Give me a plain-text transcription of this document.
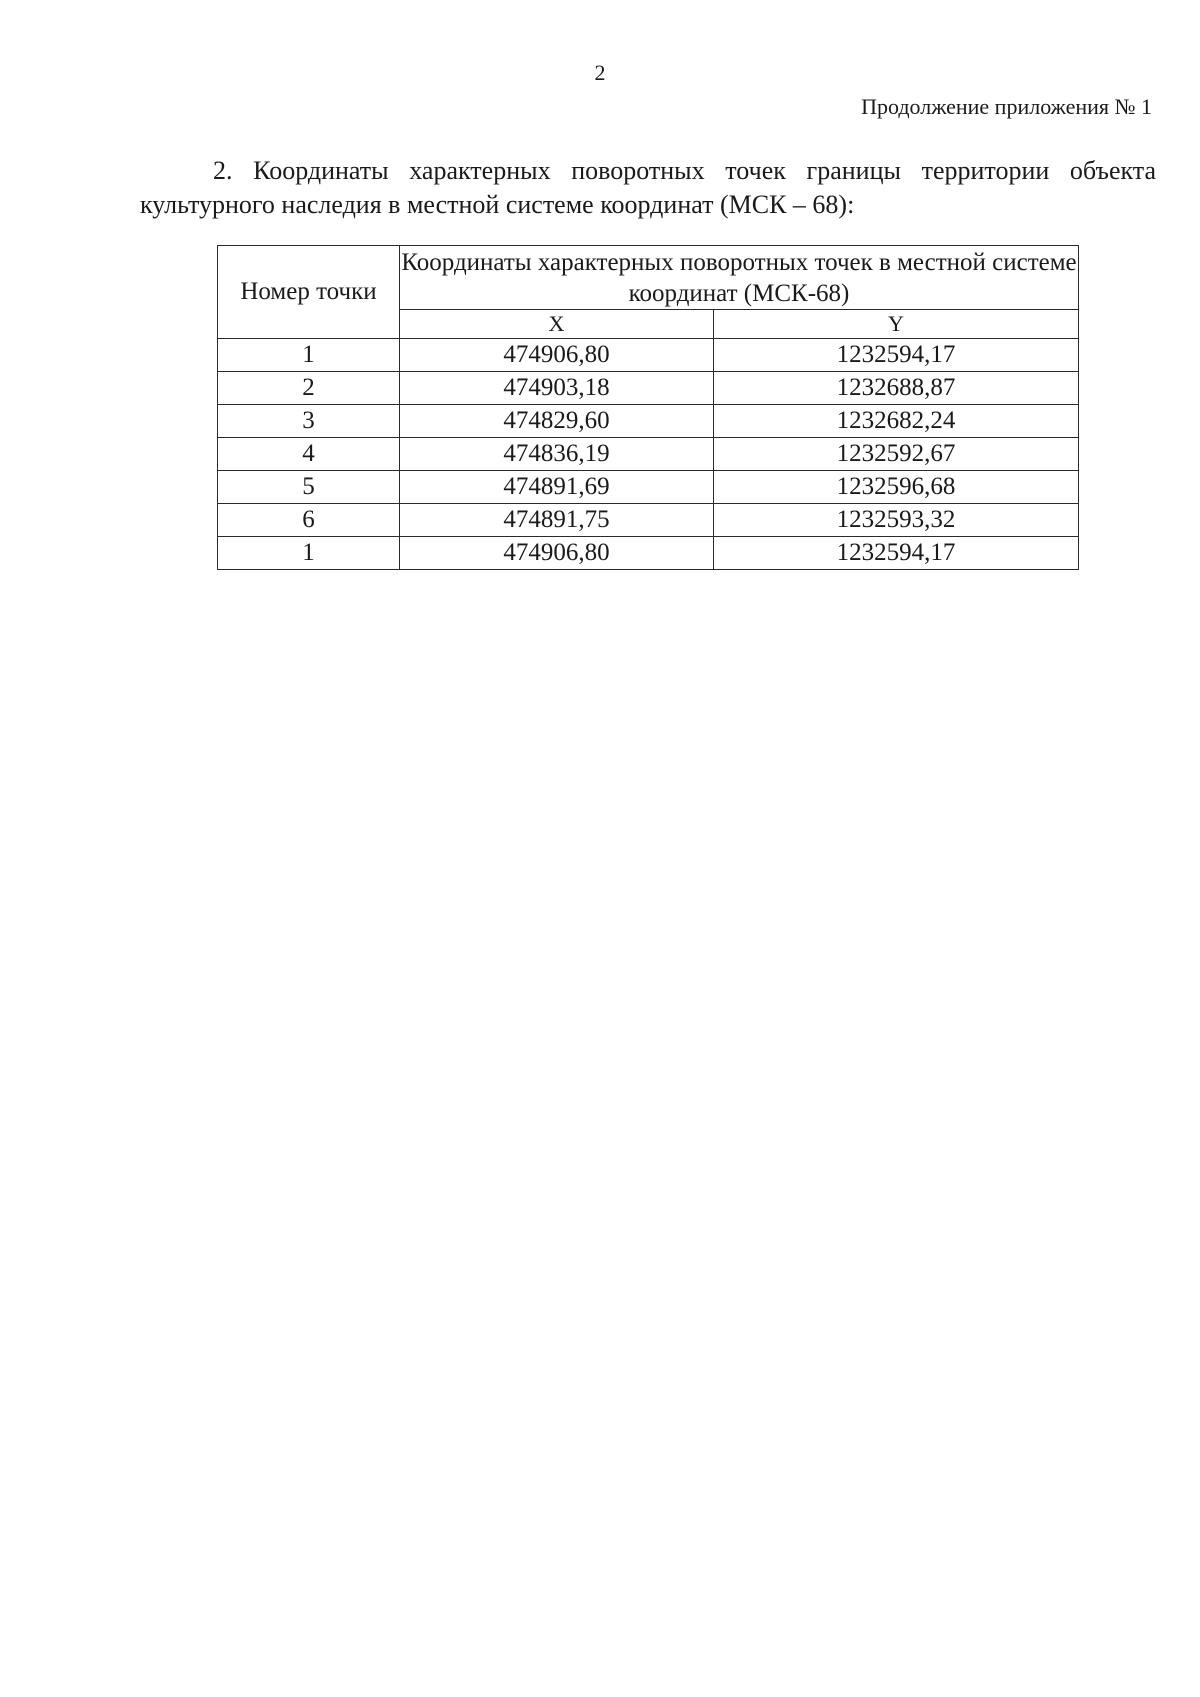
2
Продолжение приложения № 1

2. Координаты характерных поворотных точек границы территории объекта культурного наследия в местной системе координат (МСК – 68):

Номер точки	Координаты характерных поворотных точек в местной системе координат (МСК-68)	
	X	Y
1	474906,80	1232594,17
2	474903,18	1232688,87
3	474829,60	1232682,24
4	474836,19	1232592,67
5	474891,69	1232596,68
6	474891,75	1232593,32
1	474906,80	1232594,17
